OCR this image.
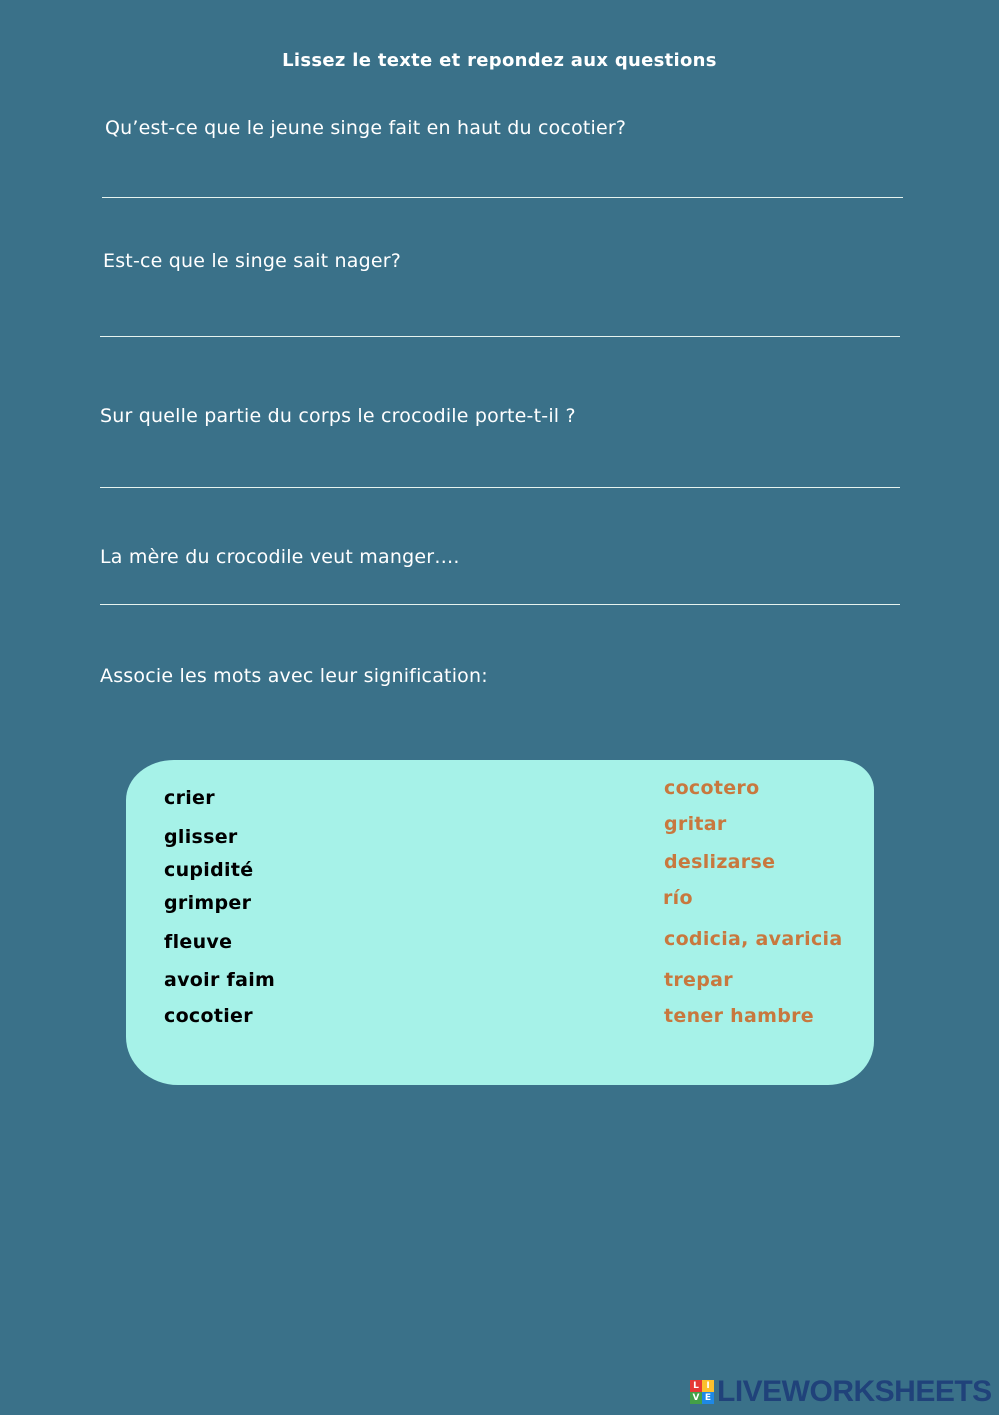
Lissez le texte et repondez aux questions
Qu’est-ce que le jeune singe fait en haut du cocotier?
Est-ce que le singe sait nager?
Sur quelle partie du corps le crocodile porte-t-il ?
La mère du crocodile veut manger….
Associe les mots avec leur signification:
crier
glisser
cupidité
grimper
fleuve
avoir faim
cocotier
cocotero
gritar
deslizarse
río
codicia, avaricia
trepar
tener hambre
L I
V E LIVEWORKSHEETS
